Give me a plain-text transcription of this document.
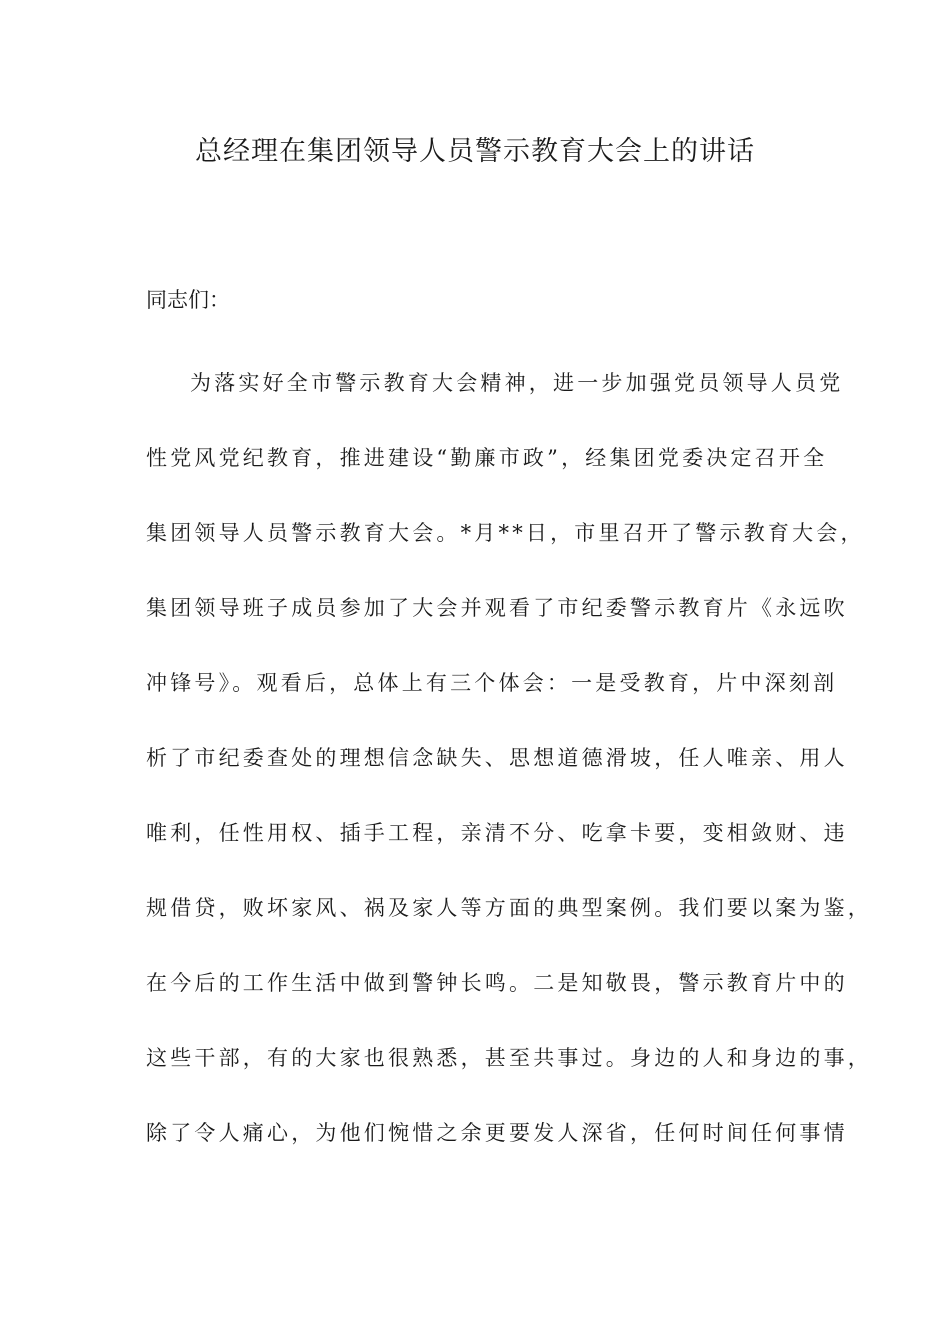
总经理在集团领导人员警示教育大会上的讲话
同志们：
为落实好全市警示教育大会精神，进一步加强党员领导人员党
性党风党纪教育，推进建设“勤廉市政”，经集团党委决定召开全
集团领导人员警示教育大会。*月**日，市里召开了警示教育大会，
集团领导班子成员参加了大会并观看了市纪委警示教育片《永远吹
冲锋号》。观看后，总体上有三个体会：一是受教育，片中深刻剖
析了市纪委查处的理想信念缺失、思想道德滑坡，任人唯亲、用人
唯利，任性用权、插手工程，亲清不分、吃拿卡要，变相敛财、违
规借贷，败坏家风、祸及家人等方面的典型案例。我们要以案为鉴，
在今后的工作生活中做到警钟长鸣。二是知敬畏，警示教育片中的
这些干部，有的大家也很熟悉，甚至共事过。身边的人和身边的事，
除了令人痛心，为他们惋惜之余更要发人深省，任何时间任何事情
